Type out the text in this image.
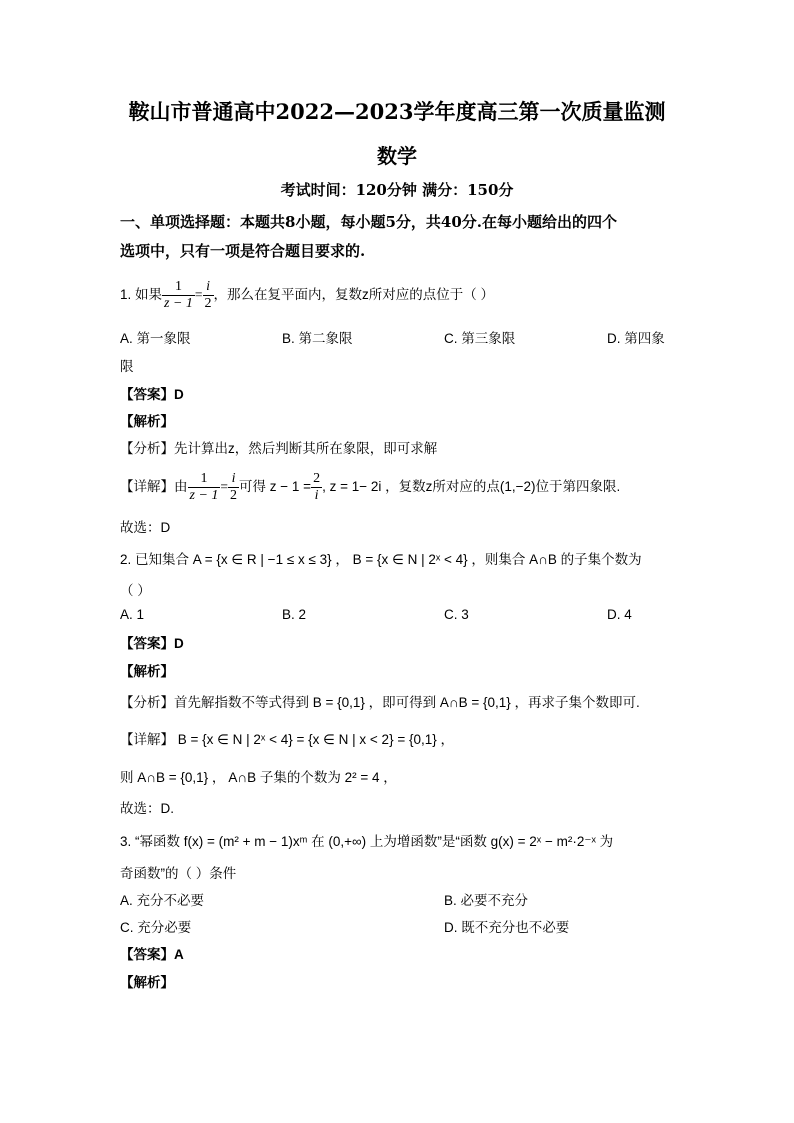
鞍山市普通高中2022—2023学年度高三第一次质量监测
数学
考试时间：120分钟 满分：150分
一、单项选择题：本题共8小题，每小题5分，共40分.在每小题给出的四个
选项中，只有一项是符合题目要求的.
1. 如果 $\frac{1}{z - 1} = \frac{i}{2}$ ，那么在复平面内，复数z所对应的点位于（ ）
A. 第一象限	B. 第二象限	C. 第三象限	D. 第四象
限
【答案】D
【解析】
【分析】先计算出z，然后判断其所在象限，即可求解
【详解】由 $\frac{1}{z - 1} = \frac{i}{2}$ 可得 $z - 1 = \frac{2}{i}$ , z = 1− 2i ，复数z所对应的点(1,−2)位于第四象限.
故选：D
2. 已知集合 A = {x ∈ R | −1 ≤ x ≤ 3} ， B = {x ∈ N | 2ˣ < 4} ，则集合 A∩B 的子集个数为
（ ）
A. 1	B. 2	C. 3	D. 4
【答案】D
【解析】
【分析】首先解指数不等式得到 B = {0,1} ，即可得到 A∩B = {0,1} ，再求子集个数即可.
【详解】 B = {x ∈ N | 2ˣ < 4} = {x ∈ N | x < 2} = {0,1} ，
则 A∩B = {0,1} ， A∩B 子集的个数为 2² = 4 ，
故选：D.
3. “幂函数 f(x) = (m² + m − 1)xᵐ 在 (0,+∞) 上为增函数”是“函数 g(x) = 2ˣ − m²·2⁻ˣ 为
奇函数”的（ ）条件
A. 充分不必要	B. 必要不充分
C. 充分必要	D. 既不充分也不必要
【答案】A
【解析】
